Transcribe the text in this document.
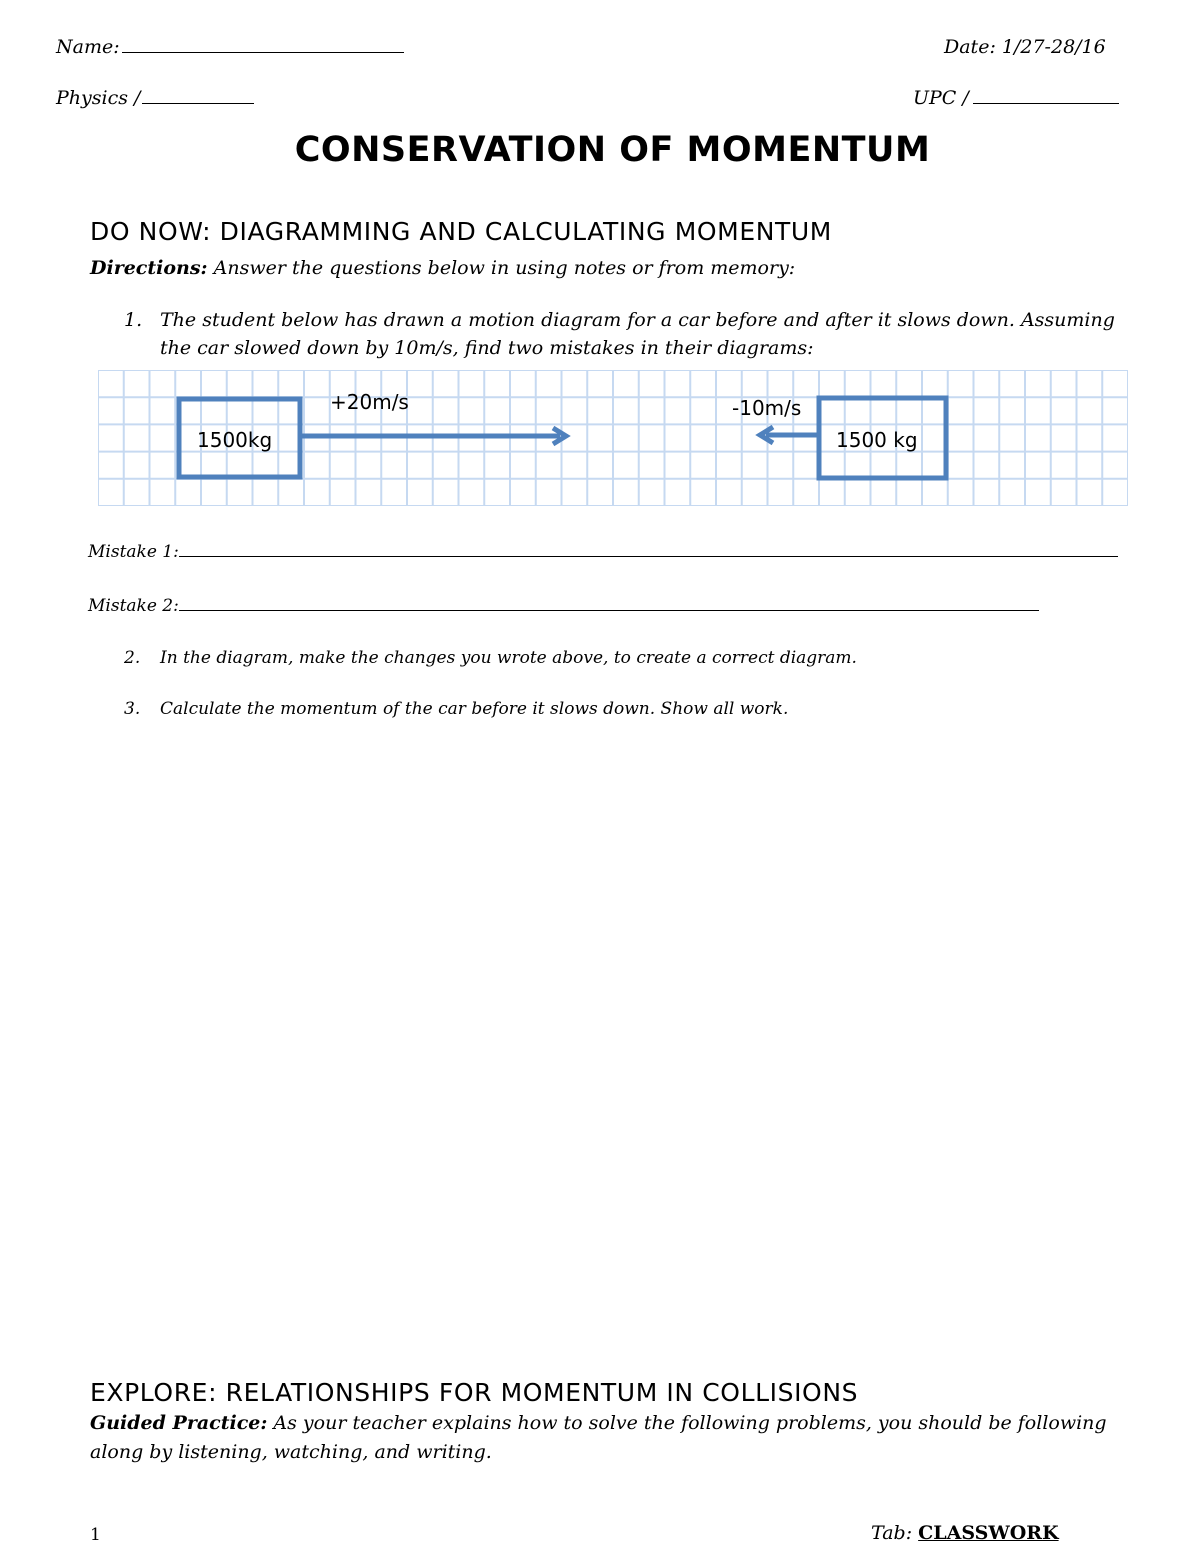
Name:	Date: 1/27-28/16
Physics /	UPC /
CONSERVATION OF MOMENTUM
DO NOW: DIAGRAMMING AND CALCULATING MOMENTUM
Directions: Answer the questions below in using notes or from memory:
1. The student below has drawn a motion diagram for a car before and after it slows down. Assuming
the car slowed down by 10m/s, find two mistakes in their diagrams:
1500kg
+20m/s
1500 kg
-10m/s
Mistake 1:
Mistake 2:
2. In the diagram, make the changes you wrote above, to create a correct diagram.
3. Calculate the momentum of the car before it slows down. Show all work.
EXPLORE: RELATIONSHIPS FOR MOMENTUM IN COLLISIONS
Guided Practice: As your teacher explains how to solve the following problems, you should be following
along by listening, watching, and writing.
1	Tab: CLASSWORK
